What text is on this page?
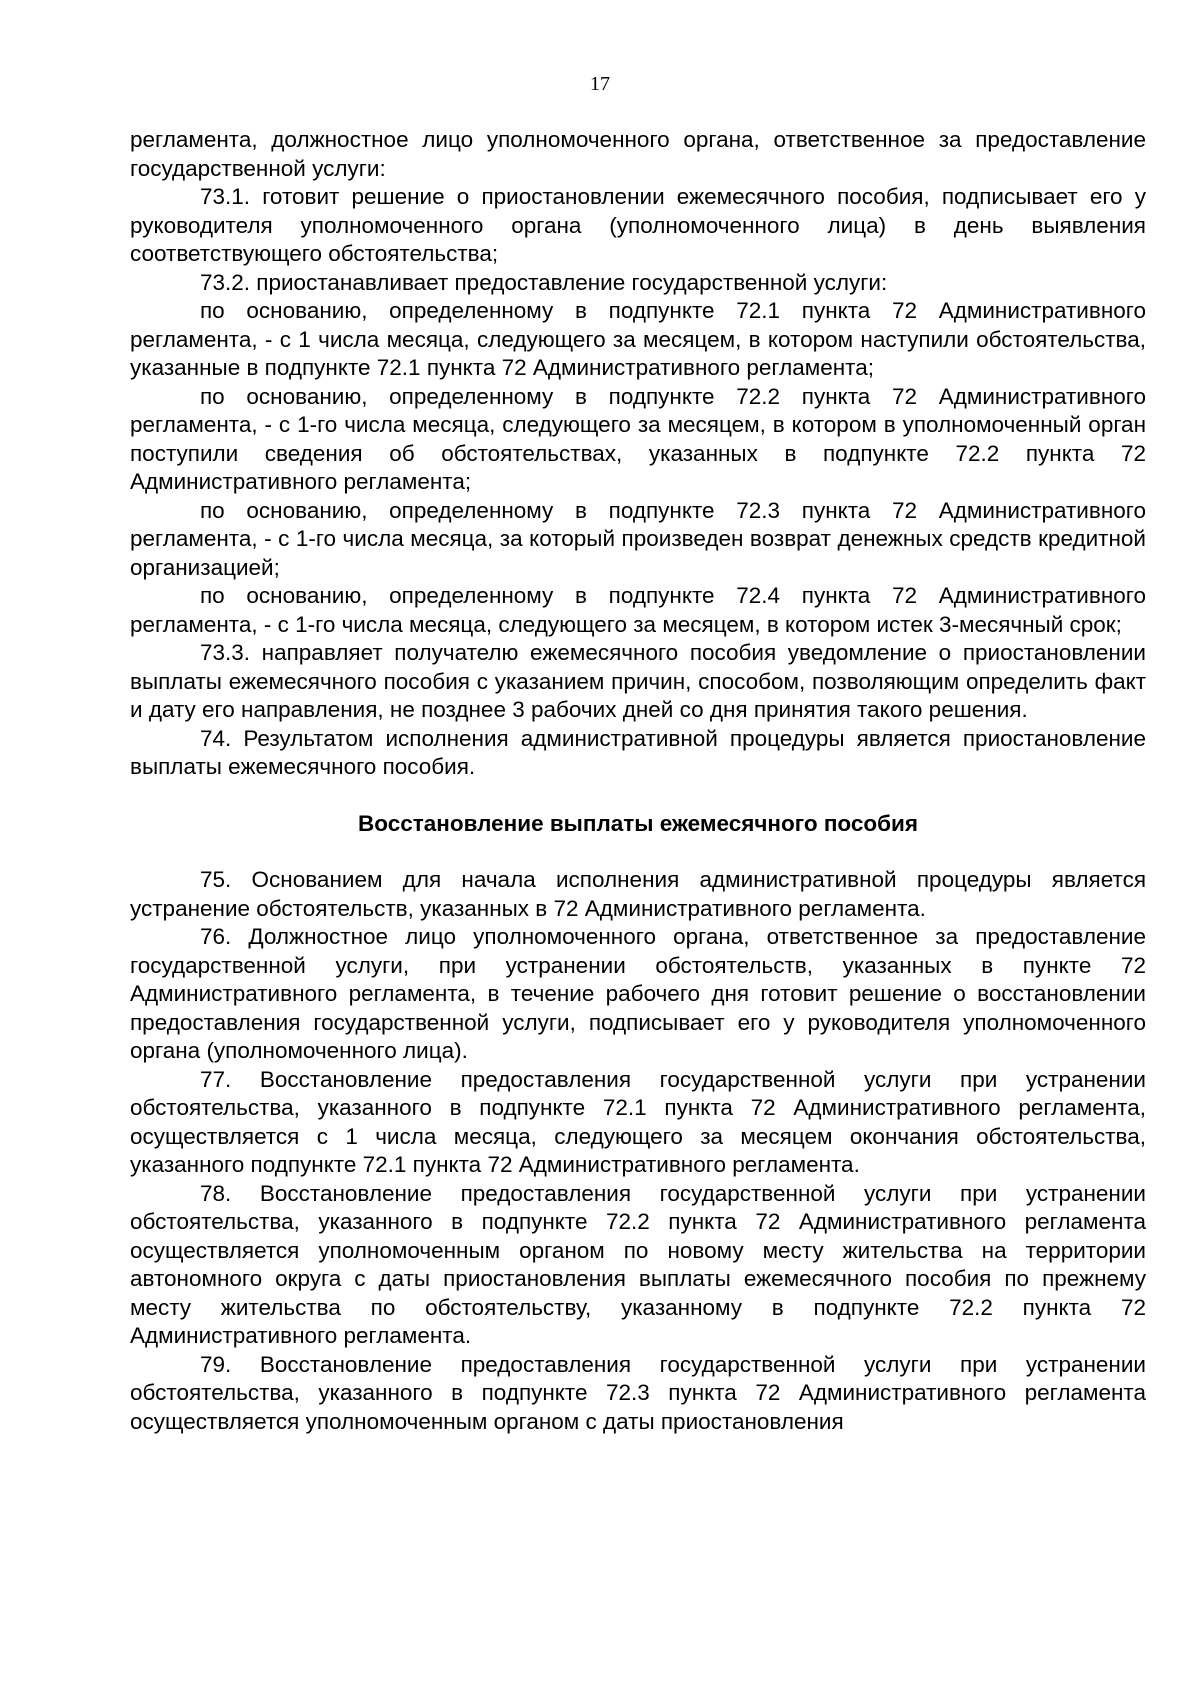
17

регламента, должностное лицо уполномоченного органа, ответственное за предоставление государственной услуги:

73.1. готовит решение о приостановлении ежемесячного пособия, подписывает его у руководителя уполномоченного органа (уполномоченного лица) в день выявления соответствующего обстоятельства;

73.2. приостанавливает предоставление государственной услуги:

по основанию, определенному в подпункте 72.1 пункта 72 Административного регламента, - с 1 числа месяца, следующего за месяцем, в котором наступили обстоятельства, указанные в подпункте 72.1 пункта 72 Административного регламента;

по основанию, определенному в подпункте 72.2 пункта 72 Административного регламента, - с 1-го числа месяца, следующего за месяцем, в котором в уполномоченный орган поступили сведения об обстоятельствах, указанных в подпункте 72.2 пункта 72 Административного регламента;

по основанию, определенному в подпункте 72.3 пункта 72 Административного регламента, - с 1-го числа месяца, за который произведен возврат денежных средств кредитной организацией;

по основанию, определенному в подпункте 72.4 пункта 72 Административного регламента, - с 1-го числа месяца, следующего за месяцем, в котором истек 3-месячный срок;

73.3. направляет получателю ежемесячного пособия уведомление о приостановлении выплаты ежемесячного пособия с указанием причин, способом, позволяющим определить факт и дату его направления, не позднее 3 рабочих дней со дня принятия такого решения.

74. Результатом исполнения административной процедуры является приостановление выплаты ежемесячного пособия.

Восстановление выплаты ежемесячного пособия

75. Основанием для начала исполнения административной процедуры является устранение обстоятельств, указанных в 72 Административного регламента.

76. Должностное лицо уполномоченного органа, ответственное за предоставление государственной услуги, при устранении обстоятельств, указанных в пункте 72 Административного регламента, в течение рабочего дня готовит решение о восстановлении предоставления государственной услуги, подписывает его у руководителя уполномоченного органа (уполномоченного лица).

77. Восстановление предоставления государственной услуги при устранении обстоятельства, указанного в подпункте 72.1 пункта 72 Административного регламента, осуществляется с 1 числа месяца, следующего за месяцем окончания обстоятельства, указанного подпункте 72.1 пункта 72 Административного регламента.

78. Восстановление предоставления государственной услуги при устранении обстоятельства, указанного в подпункте 72.2 пункта 72 Административного регламента осуществляется уполномоченным органом по новому месту жительства на территории автономного округа с даты приостановления выплаты ежемесячного пособия по прежнему месту жительства по обстоятельству, указанному в подпункте 72.2 пункта 72 Административного регламента.

79. Восстановление предоставления государственной услуги при устранении обстоятельства, указанного в подпункте 72.3 пункта 72 Административного регламента осуществляется уполномоченным органом с даты приостановления
